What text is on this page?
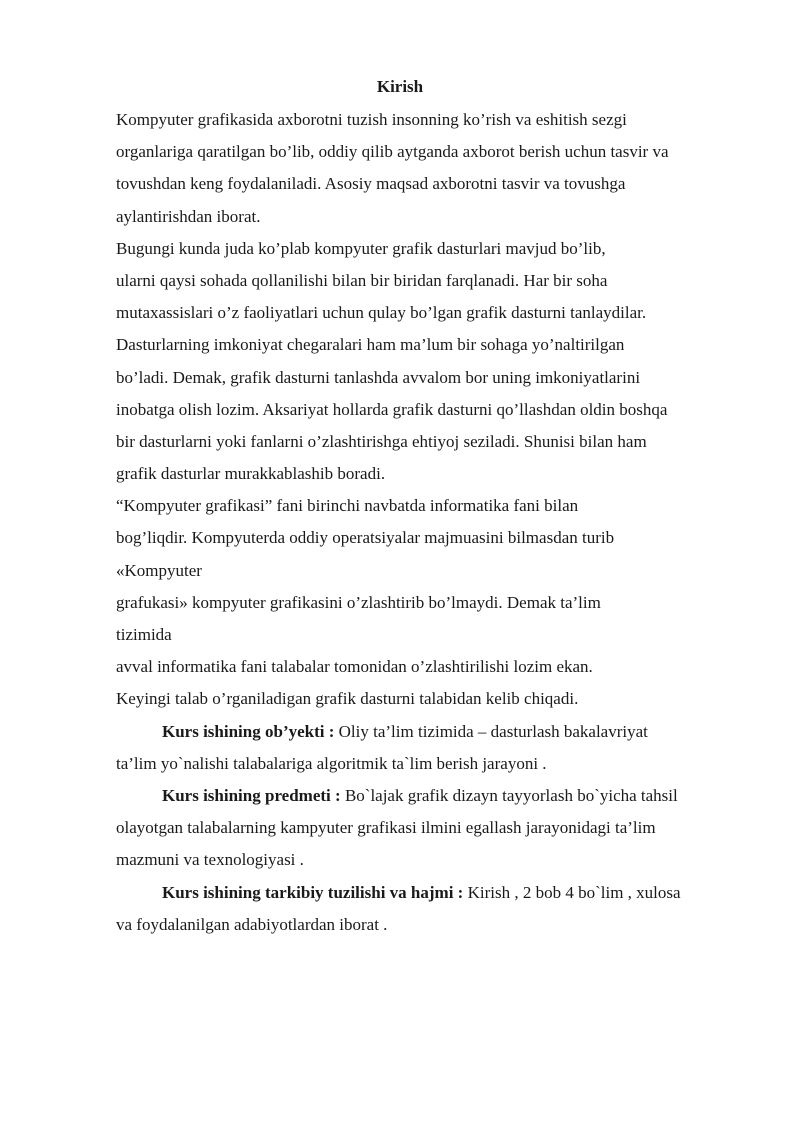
Kirish
Kompyuter grafikasida axborotni tuzish insonning ko’rish va eshitish sezgi
organlariga qaratilgan bo’lib, oddiy qilib aytganda axborot berish uchun tasvir va
tovushdan keng foydalaniladi. Asosiy maqsad axborotni tasvir va tovushga
aylantirishdan iborat.
Bugungi kunda juda ko’plab kompyuter grafik dasturlari mavjud bo’lib,
ularni qaysi sohada qollanilishi bilan bir biridan farqlanadi. Har bir soha
mutaxassislari o’z faoliyatlari uchun qulay bo’lgan grafik dasturni tanlaydilar.
Dasturlarning imkoniyat chegaralari ham ma’lum bir sohaga yo’naltirilgan
bo’ladi. Demak, grafik dasturni tanlashda avvalom bor uning imkoniyatlarini
inobatga olish lozim. Aksariyat hollarda grafik dasturni qo’llashdan oldin boshqa
bir dasturlarni yoki fanlarni o’zlashtirishga ehtiyoj seziladi. Shunisi bilan ham
grafik dasturlar murakkablashib boradi.
“Kompyuter grafikasi” fani birinchi navbatda informatika fani bilan
bog’liqdir. Kompyuterda oddiy operatsiyalar majmuasini bilmasdan turib
«Kompyuter
grafukasi» kompyuter grafikasini o’zlashtirib bo’lmaydi. Demak ta’lim
tizimida
avval informatika fani talabalar tomonidan o’zlashtirilishi lozim ekan.
Keyingi talab o’rganiladigan grafik dasturni talabidan kelib chiqadi.
Kurs ishining ob’yekti : Oliy ta’lim tizimida – dasturlash bakalavriyat
ta’lim yo`nalishi talabalariga algoritmik ta`lim berish jarayoni .
Kurs ishining predmeti : Bo`lajak grafik dizayn tayyorlash bo`yicha tahsil
olayotgan talabalarning kampyuter grafikasi ilmini egallash jarayonidagi ta’lim
mazmuni va texnologiyasi .
Kurs ishining tarkibiy tuzilishi va hajmi : Kirish , 2 bob 4 bo`lim , xulosa
va foydalanilgan adabiyotlardan iborat .
